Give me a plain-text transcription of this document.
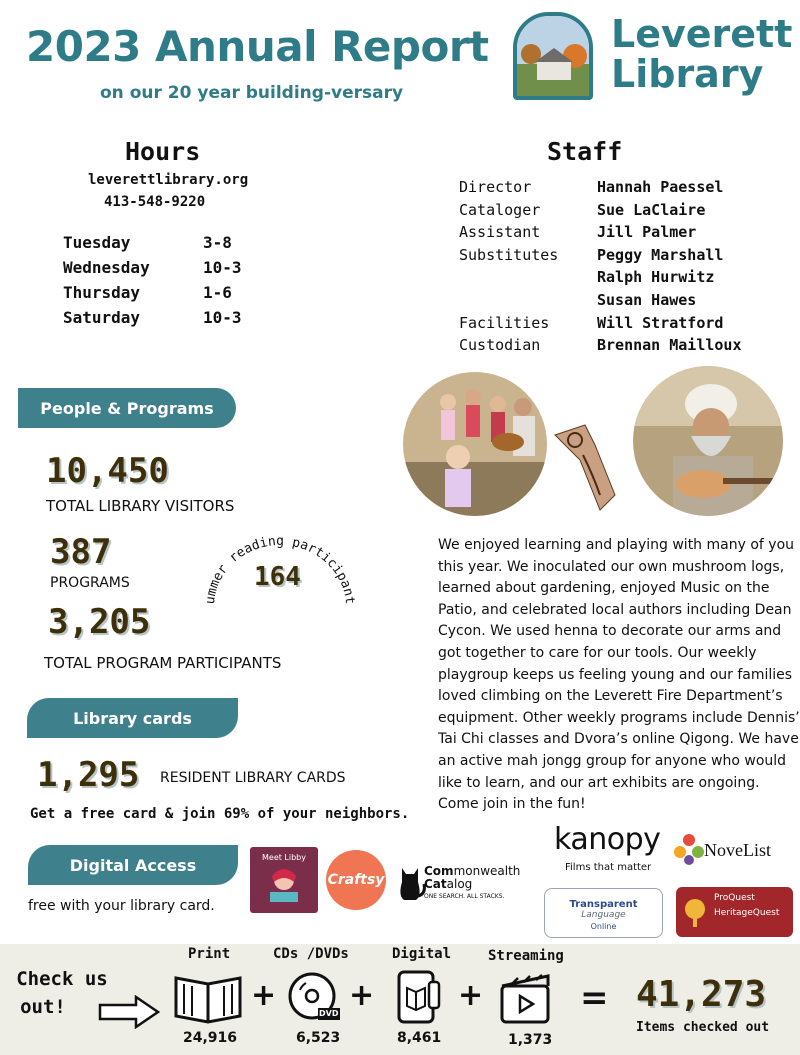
2023 Annual Report
on our 20 year building-versary
Leverett
Library
Hours
leverettlibrary.org
413-548-9220
Tuesday	3-8
Wednesday	10-3
Thursday	1-6
Saturday	10-3
Staff
Director	Hannah Paessel
Cataloger	Sue LaClaire
Assistant	Jill Palmer
Substitutes	Peggy Marshall
Ralph Hurwitz
Susan Hawes
Facilities	Will Stratford
Custodian	Brennan Mailloux
People & Programs
10,450
TOTAL LIBRARY VISITORS
387
PROGRAMS
ummer reading participant
164
3,205
TOTAL PROGRAM PARTICIPANTS
Library cards
1,295 RESIDENT LIBRARY CARDS
Get a free card & join 69% of your neighbors.
Digital Access
free with your library card.
Meet Libby
Craftsy
Commonwealth
Catalog
ONE SEARCH. ALL STACKS.
kanopy
Films that matter
NoveList
Transparent
Language
Online
ProQuest
HeritageQuest
We enjoyed learning and playing with many of you this year. We inoculated our own mushroom logs, learned about gardening, enjoyed Music on the Patio, and celebrated local authors including Dean Cycon. We used henna to decorate our arms and got together to care for our tools. Our weekly playgroup keeps us feeling young and our families loved climbing on the Leverett Fire Department’s equipment. Other weekly programs include Dennis’ Tai Chi classes and Dvora’s online Qigong. We have an active mah jongg group for anyone who would like to learn, and our art exhibits are ongoing. Come join in the fun!
Check us
out!
Print
24,916
+
CDs /DVDs
DVD
6,523
+
Digital
8,461
+
Streaming
1,373
= 41,273
Items checked out
